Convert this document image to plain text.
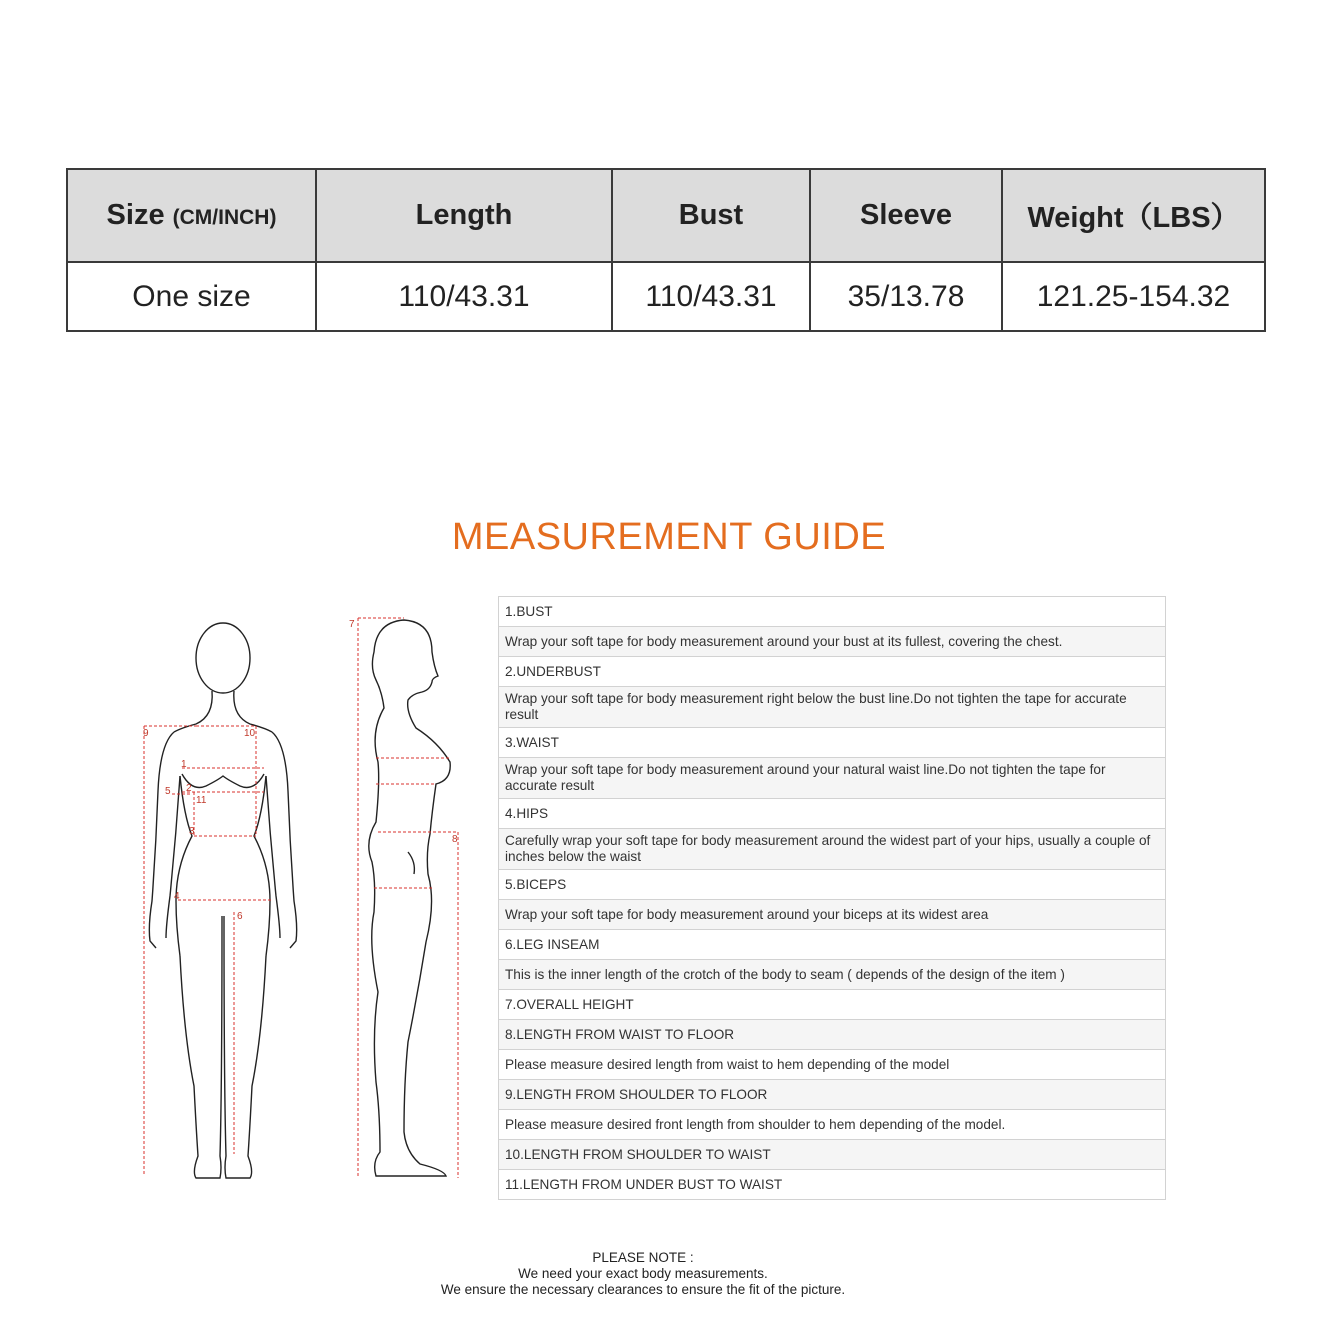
Size (CM/INCH)	Length	Bust	Sleeve	Weight（LBS）
One size	110/43.31	110/43.31	35/13.78	121.25-154.32
MEASUREMENT GUIDE
9	10
1
2
5
11
3
4
6
7
8
1.BUST
Wrap your soft tape for body measurement around your bust at its fullest, covering the chest.
2.UNDERBUST
Wrap your soft tape for body measurement right below the bust line.Do not tighten the tape for accurate result
3.WAIST
Wrap your soft tape for body measurement around your natural waist line.Do not tighten the tape for accurate result
4.HIPS
Carefully wrap your soft tape for body measurement around the widest part of your hips, usually a couple of inches below the waist
5.BICEPS
Wrap your soft tape for body measurement around your biceps at its widest area
6.LEG INSEAM
This is the inner length of the crotch of the body to seam ( depends of the design of the item )
7.OVERALL HEIGHT
8.LENGTH FROM WAIST TO FLOOR
Please measure desired length from waist to hem depending of the model
9.LENGTH FROM SHOULDER TO FLOOR
Please measure desired front length from shoulder to hem depending of the model.
10.LENGTH FROM SHOULDER TO WAIST
11.LENGTH FROM UNDER BUST TO WAIST
PLEASE NOTE :
We need your exact body measurements.
We ensure the necessary clearances to ensure the fit of the picture.
